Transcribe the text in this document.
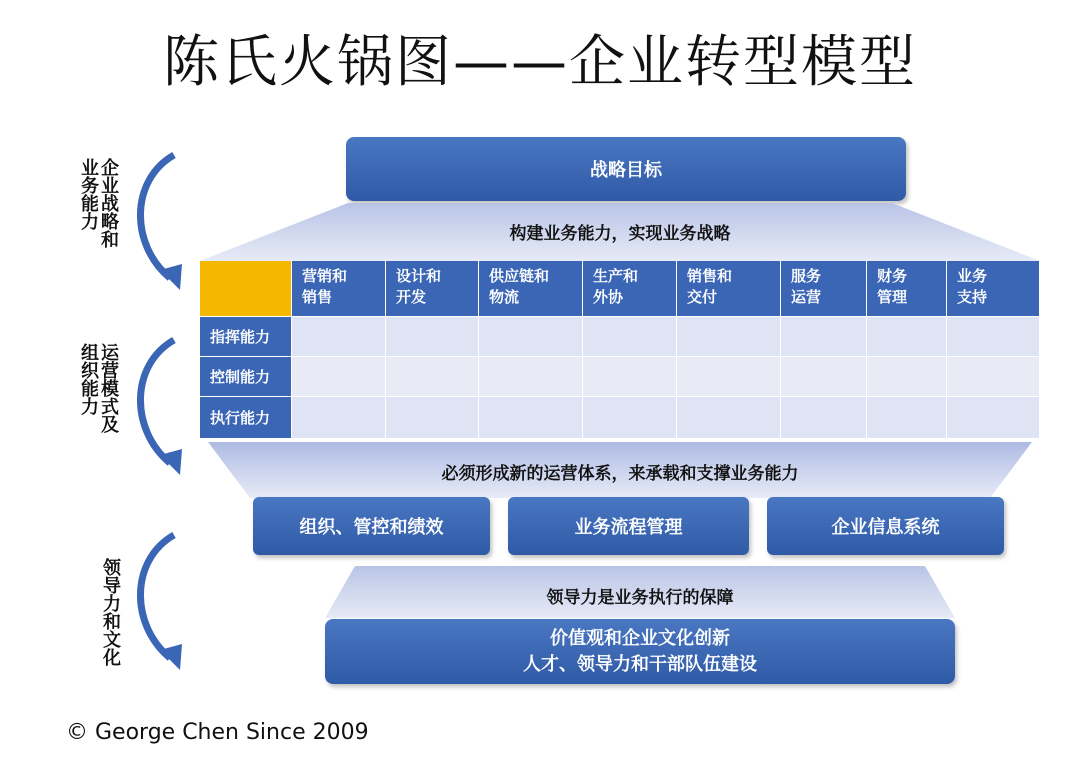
陈氏火锅图——企业转型模型
企业战略和业务能力
运营模式及组织能力
领导力和文化
战略目标
构建业务能力，实现业务战略
营销和
销售
设计和
开发
供应链和
物流
生产和
外协
销售和
交付
服务
运营
财务
管理
业务
支持
指挥能力
控制能力
执行能力
必须形成新的运营体系，来承载和支撑业务能力
组织、管控和绩效	业务流程管理	企业信息系统
领导力是业务执行的保障
价值观和企业文化创新
人才、领导力和干部队伍建设
© George Chen Since 2009
